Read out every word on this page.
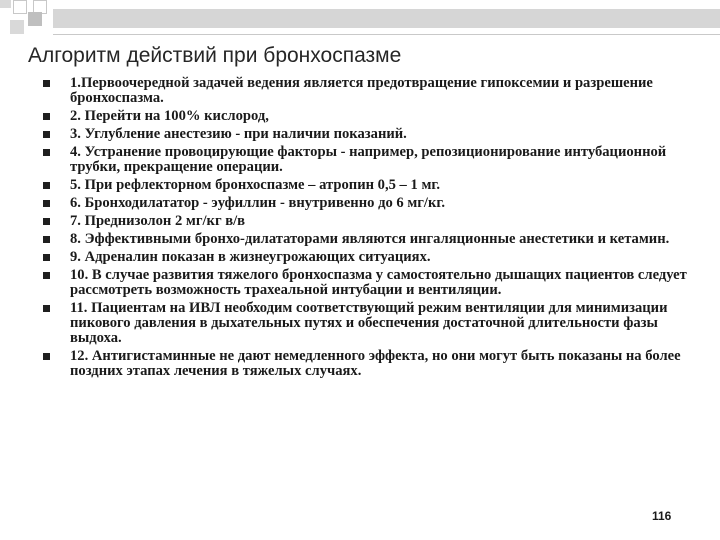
Алгоритм действий при бронхоспазме
1.Первоочередной задачей ведения является предотвращение гипоксемии и разрешение бронхоспазма.
2. Перейти на 100% кислород,
3. Углубление анестезию - при наличии показаний.
4. Устранение провоцирующие факторы - например, репозиционирование интубационной трубки, прекращение операции.
5. При рефлекторном бронхоспазме – атропин 0,5 – 1 мг.
6. Бронходилататор - эуфиллин - внутривенно до 6 мг/кг.
7. Преднизолон 2 мг/кг в/в
8. Эффективными бронхо-дилататорами являются ингаляционные анестетики и кетамин.
9. Адреналин показан в жизнеугрожающих ситуациях.
10. В случае развития тяжелого бронхоспазма у самостоятельно дышащих пациентов следует рассмотреть возможность трахеальной интубации и вентиляции.
11. Пациентам на ИВЛ необходим соответствующий режим вентиляции для минимизации пикового давления в дыхательных путях и обеспечения достаточной длительности фазы выдоха.
12. Антигистаминные не дают немедленного эффекта, но они могут быть показаны на более поздних этапах лечения в тяжелых случаях.
116
